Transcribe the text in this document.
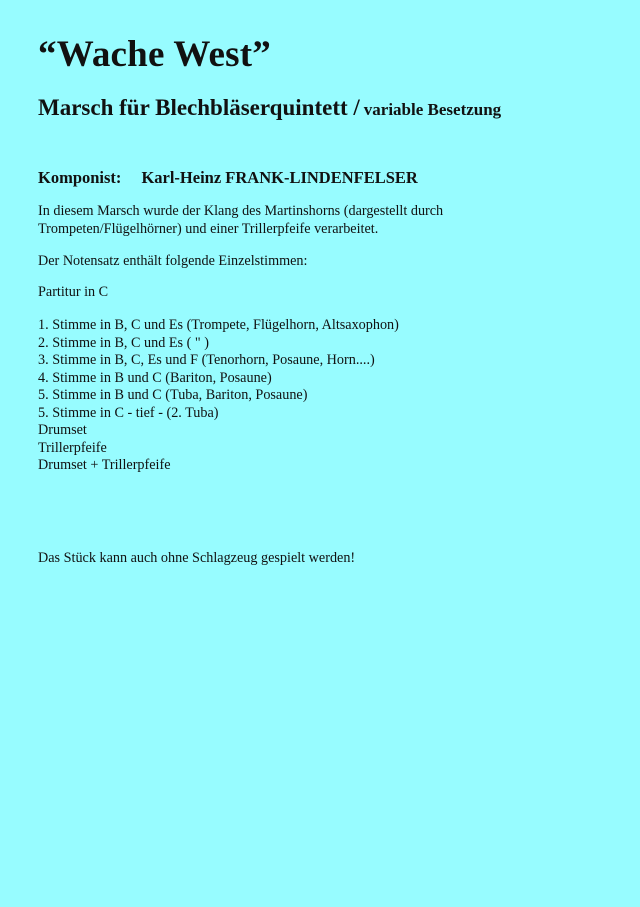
“Wache West”
Marsch für Blechbläserquintett / variable Besetzung
Komponist: Karl-Heinz FRANK-LINDENFELSER
In diesem Marsch wurde der Klang des Martinshorns (dargestellt durch
Trompeten/Flügelhörner) und einer Trillerpfeife verarbeitet.
Der Notensatz enthält folgende Einzelstimmen:
Partitur in C
1. Stimme in B, C und Es (Trompete, Flügelhorn, Altsaxophon)
2. Stimme in B, C und Es ( " )
3. Stimme in B, C, Es und F (Tenorhorn, Posaune, Horn....)
4. Stimme in B und C (Bariton, Posaune)
5. Stimme in B und C (Tuba, Bariton, Posaune)
5. Stimme in C - tief - (2. Tuba)
Drumset
Trillerpfeife
Drumset + Trillerpfeife
Das Stück kann auch ohne Schlagzeug gespielt werden!
